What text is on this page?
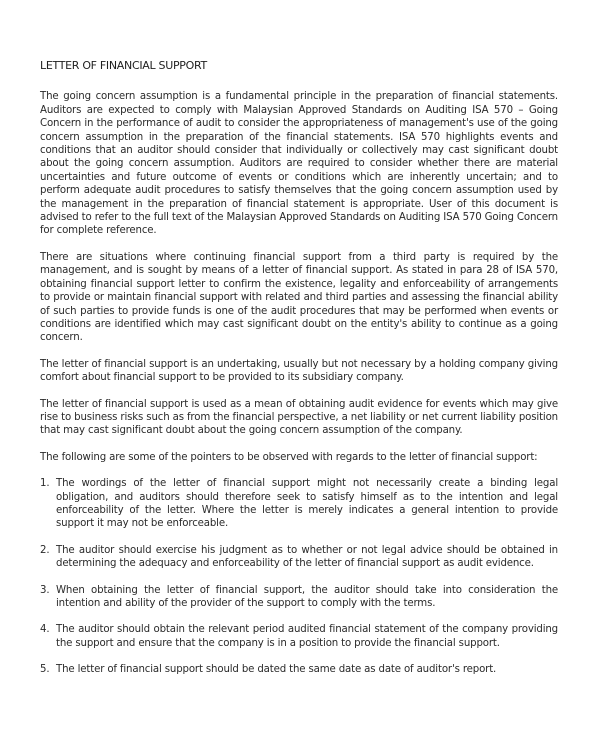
LETTER OF FINANCIAL SUPPORT

The going concern assumption is a fundamental principle in the preparation of financial statements. Auditors are expected to comply with Malaysian Approved Standards on Auditing ISA 570 – Going Concern in the performance of audit to consider the appropriateness of management's use of the going concern assumption in the preparation of the financial statements. ISA 570 highlights events and conditions that an auditor should consider that individually or collectively may cast significant doubt about the going concern assumption. Auditors are required to consider whether there are material uncertainties and future outcome of events or conditions which are inherently uncertain; and to perform adequate audit procedures to satisfy themselves that the going concern assumption used by the management in the preparation of financial statement is appropriate. User of this document is advised to refer to the full text of the Malaysian Approved Standards on Auditing ISA 570 Going Concern for complete reference.

There are situations where continuing financial support from a third party is required by the management, and is sought by means of a letter of financial support. As stated in para 28 of ISA 570, obtaining financial support letter to confirm the existence, legality and enforceability of arrangements to provide or maintain financial support with related and third parties and assessing the financial ability of such parties to provide funds is one of the audit procedures that may be performed when events or conditions are identified which may cast significant doubt on the entity's ability to continue as a going concern.

The letter of financial support is an undertaking, usually but not necessary by a holding company giving comfort about financial support to be provided to its subsidiary company.

The letter of financial support is used as a mean of obtaining audit evidence for events which may give rise to business risks such as from the financial perspective, a net liability or net current liability position that may cast significant doubt about the going concern assumption of the company.

The following are some of the pointers to be observed with regards to the letter of financial support:

1. The wordings of the letter of financial support might not necessarily create a binding legal obligation, and auditors should therefore seek to satisfy himself as to the intention and legal enforceability of the letter. Where the letter is merely indicates a general intention to provide support it may not be enforceable.
2. The auditor should exercise his judgment as to whether or not legal advice should be obtained in determining the adequacy and enforceability of the letter of financial support as audit evidence.
3. When obtaining the letter of financial support, the auditor should take into consideration the intention and ability of the provider of the support to comply with the terms.
4. The auditor should obtain the relevant period audited financial statement of the company providing the support and ensure that the company is in a position to provide the financial support.
5. The letter of financial support should be dated the same date as date of auditor's report.
